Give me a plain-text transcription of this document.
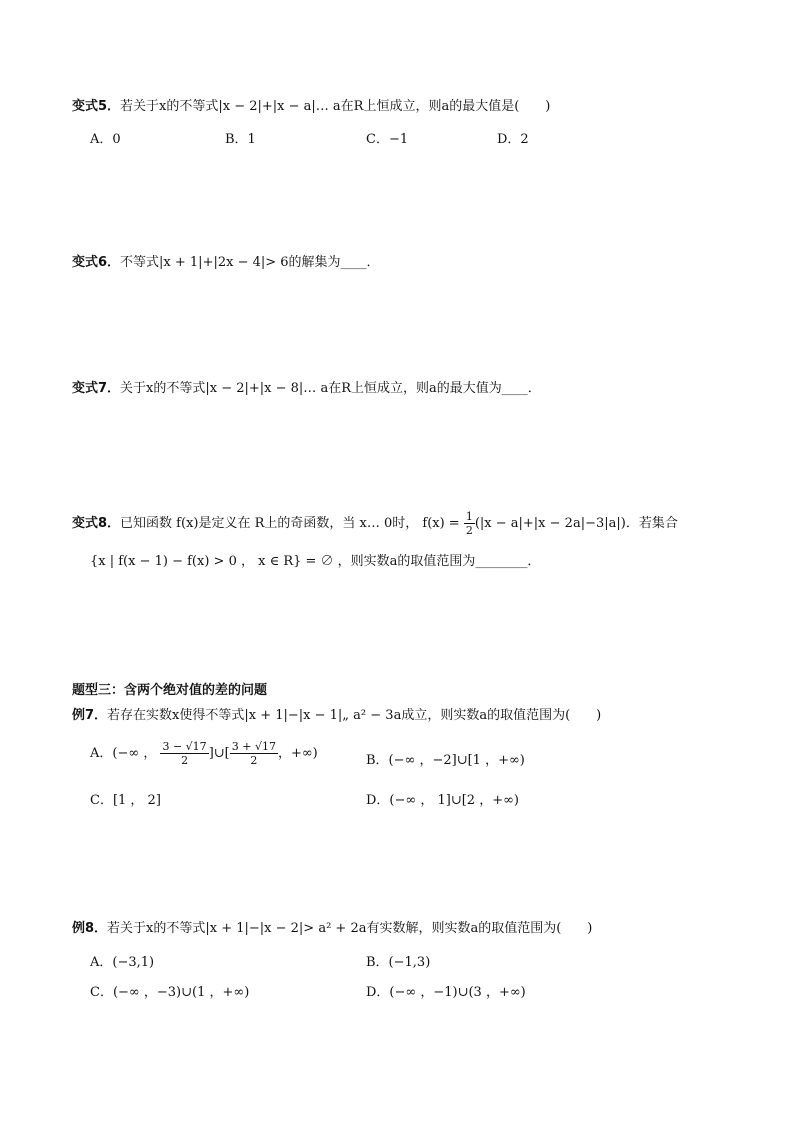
变式5．若关于x的不等式|x − 2|+|x − a|… a在R上恒成立，则a的最大值是(　　)
A．0	B．1	C．−1	D．2
变式6．不等式|x + 1|+|2x − 4|> 6的解集为____．
变式7．关于x的不等式|x − 2|+|x − 8|… a在R上恒成立，则a的最大值为____．
变式8．已知函数 f(x)是定义在 R上的奇函数，当 x… 0时， $f(x) = \frac{1}{2} (|x - a|+|x - 2a|-3|a|)$．若集合
{x | f(x − 1) − f(x) > 0 ， x ∈ R} = ∅ ，则实数a的取值范围为________．
题型三：含两个绝对值的差的问题
例7．若存在实数x使得不等式|x + 1|−|x − 1|„ a² − 3a成立，则实数a的取值范围为(　　)
A．(−∞ ， $\frac{3 - √17}{2}$ ]∪[ $\frac{3 + √17}{2}$ ，+∞)	B．(−∞ ，−2]∪[1 ，+∞)
C．[1 ， 2]	D．(−∞ ， 1]∪[2 ，+∞)
例8．若关于x的不等式|x + 1|−|x − 2|> a² + 2a有实数解，则实数a的取值范围为(　　)
A．(−3,1)	B．(−1,3)
C．(−∞ ，−3)∪(1 ，+∞)	D．(−∞ ，−1)∪(3 ，+∞)
